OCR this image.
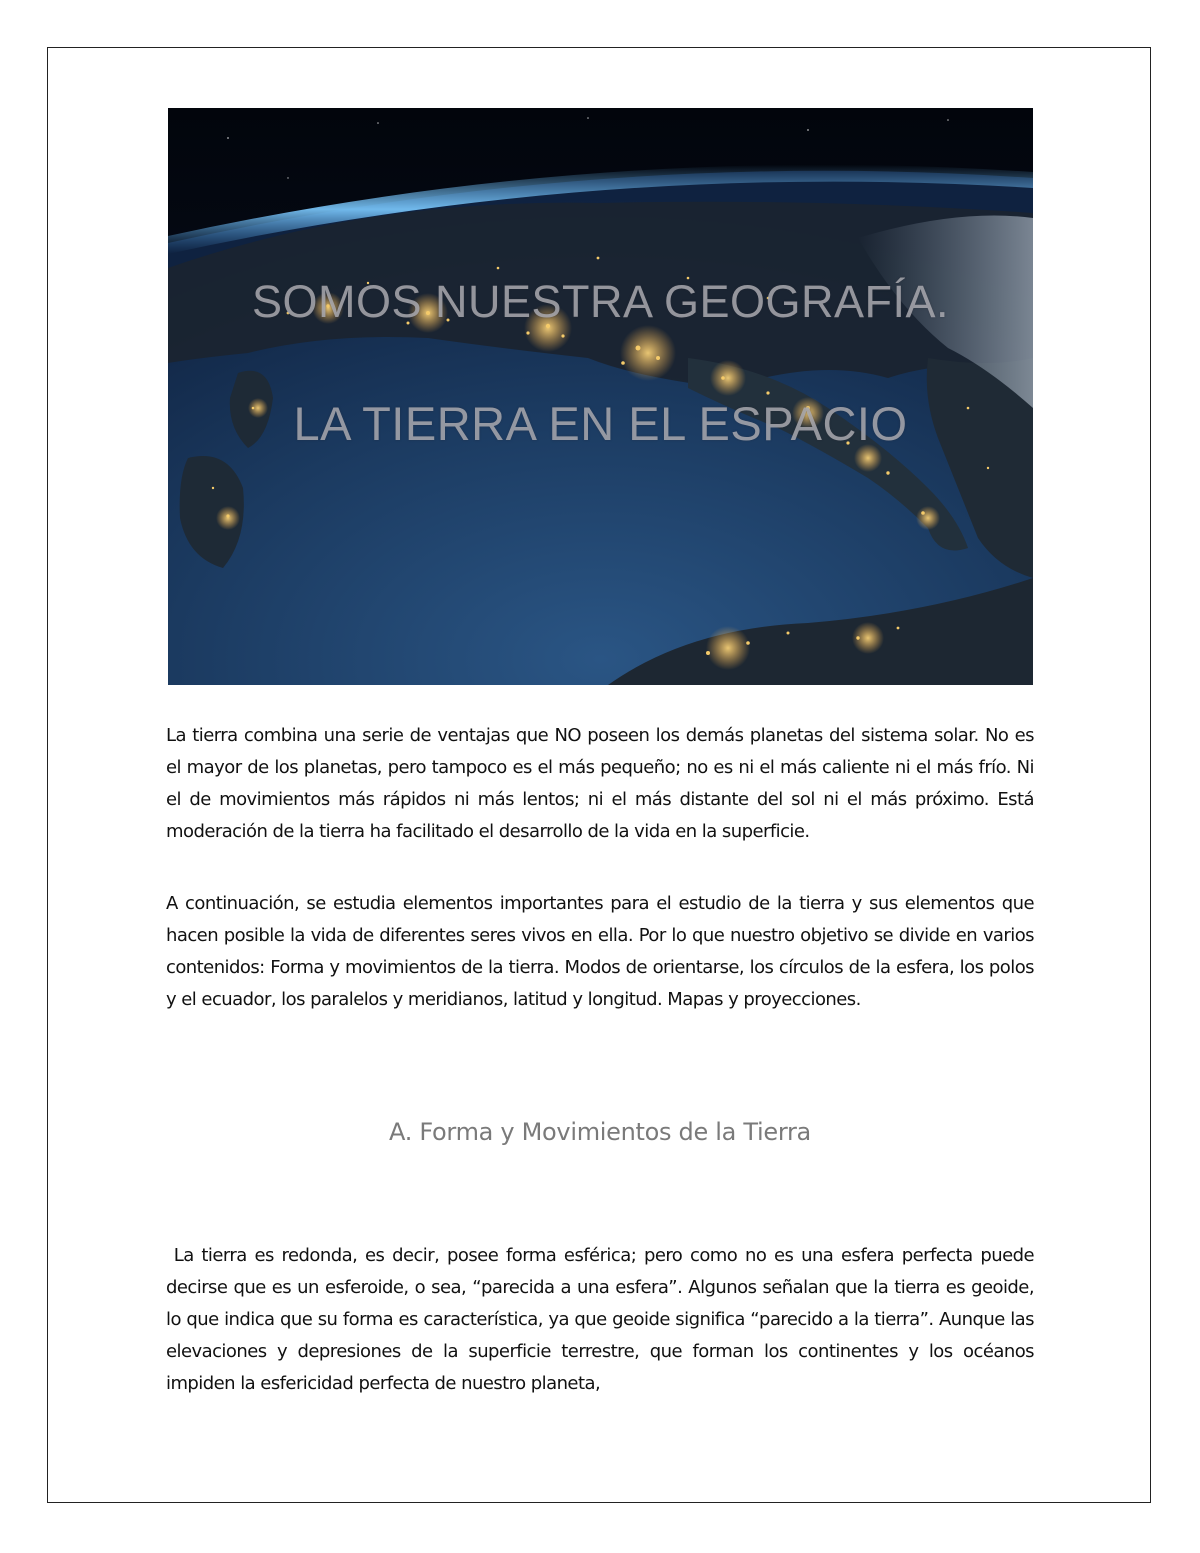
SOMOS NUESTRA GEOGRAFÍA.
LA TIERRA EN EL ESPACIO

La tierra combina una serie de ventajas que NO poseen los demás planetas del sistema solar. No es el mayor de los planetas, pero tampoco es el más pequeño; no es ni el más caliente ni el más frío. Ni el de movimientos más rápidos ni más lentos; ni el más distante del sol ni el más próximo. Está moderación de la tierra ha facilitado el desarrollo de la vida en la superficie.

A continuación, se estudia elementos importantes para el estudio de la tierra y sus elementos que hacen posible la vida de diferentes seres vivos en ella. Por lo que nuestro objetivo se divide en varios contenidos: Forma y movimientos de la tierra. Modos de orientarse, los círculos de la esfera, los polos y el ecuador, los paralelos y meridianos, latitud y longitud. Mapas y proyecciones.

A. Forma y Movimientos de la Tierra

La tierra es redonda, es decir, posee forma esférica; pero como no es una esfera perfecta puede decirse que es un esferoide, o sea, “parecida a una esfera”. Algunos señalan que la tierra es geoide, lo que indica que su forma es característica, ya que geoide significa “parecido a la tierra”. Aunque las elevaciones y depresiones de la superficie terrestre, que forman los continentes y los océanos impiden la esfericidad perfecta de nuestro planeta,
